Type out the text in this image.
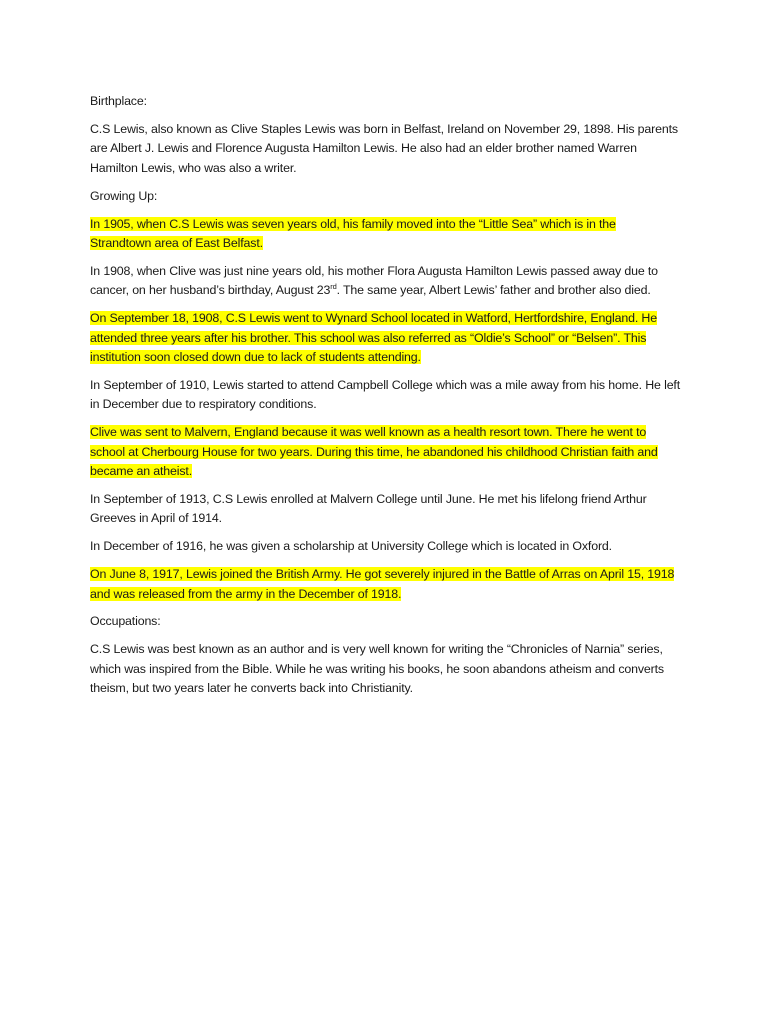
Birthplace:

C.S Lewis, also known as Clive Staples Lewis was born in Belfast, Ireland on November 29, 1898. His parents are Albert J. Lewis and Florence Augusta Hamilton Lewis. He also had an elder brother named Warren Hamilton Lewis, who was also a writer.

Growing Up:

In 1905, when C.S Lewis was seven years old, his family moved into the “Little Sea” which is in the Strandtown area of East Belfast.

In 1908, when Clive was just nine years old, his mother Flora Augusta Hamilton Lewis passed away due to cancer, on her husband’s birthday, August 23rd. The same year, Albert Lewis’ father and brother also died.

On September 18, 1908, C.S Lewis went to Wynard School located in Watford, Hertfordshire, England. He attended three years after his brother. This school was also referred as “Oldie’s School” or “Belsen”. This institution soon closed down due to lack of students attending.

In September of 1910, Lewis started to attend Campbell College which was a mile away from his home. He left in December due to respiratory conditions.

Clive was sent to Malvern, England because it was well known as a health resort town. There he went to school at Cherbourg House for two years. During this time, he abandoned his childhood Christian faith and became an atheist.

In September of 1913, C.S Lewis enrolled at Malvern College until June. He met his lifelong friend Arthur Greeves in April of 1914.

In December of 1916, he was given a scholarship at University College which is located in Oxford.

On June 8, 1917, Lewis joined the British Army. He got severely injured in the Battle of Arras on April 15, 1918 and was released from the army in the December of 1918.

Occupations:

C.S Lewis was best known as an author and is very well known for writing the “Chronicles of Narnia” series, which was inspired from the Bible. While he was writing his books, he soon abandons atheism and converts theism, but two years later he converts back into Christianity.
